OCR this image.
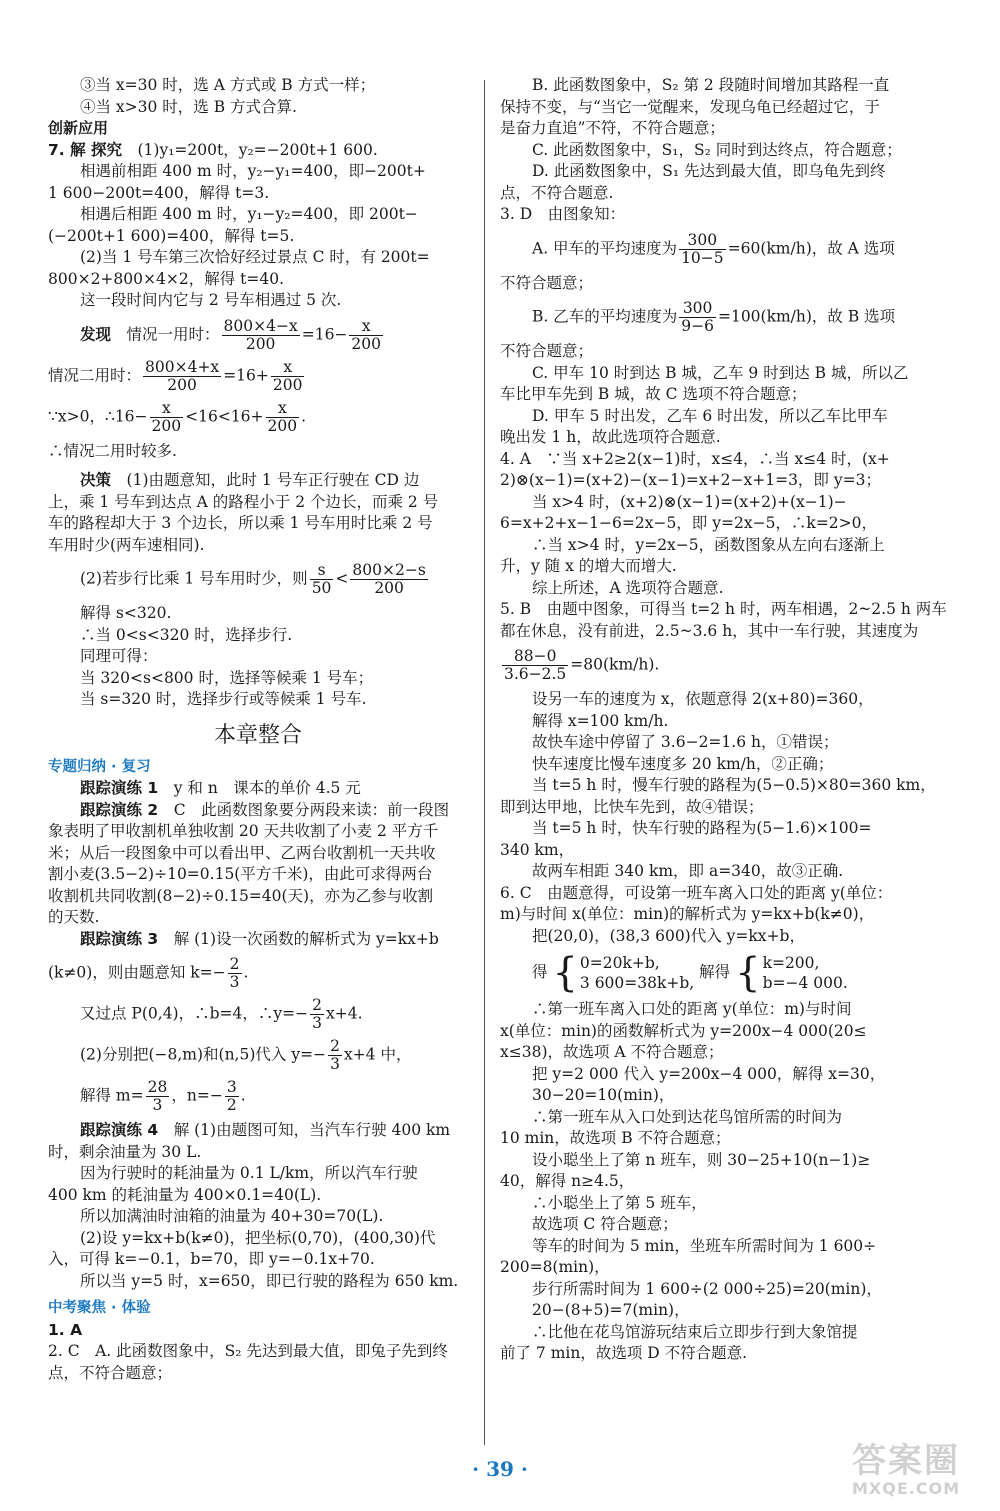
③当 x=30 时，选 A 方式或 B 方式一样；
④当 x>30 时，选 B 方式合算.
创新应用
7. 解 探究　 (1)y₁=200t，y₂=−200t+1 600.
相遇前相距 400 m 时，y₂−y₁=400，即−200t+
1 600−200t=400，解得 t=3.
相遇后相距 400 m 时，y₁−y₂=400，即 200t−
(−200t+1 600)=400，解得 t=5.
(2)当 1 号车第三次恰好经过景点 C 时，有 200t=
800×2+800×4×2，解得 t=40.
这一段时间内它与 2 号车相遇过 5 次.
发现　 情况一用时： $\frac{800\times 4-x}{200} =16- \frac{x}{200}$
情况二用时： $\frac{800\times 4+x}{200} =16+ \frac{x}{200}$
∵x>0，∴16− $\frac{x}{200} <16<16+ \frac{x}{200}$ .
∴情况二用时较多.
决策　 (1)由题意知，此时 1 号车正行驶在 CD 边
上，乘 1 号车到达点 A 的路程小于 2 个边长，而乘 2 号
车的路程却大于 3 个边长，所以乘 1 号车用时比乘 2 号
车用时少(两车速相同).
(2)若步行比乘 1 号车用时少，则 $\frac{s}{50} < \frac{800\times 2-s}{200}$
解得 s<320.
∴当 0<s<320 时，选择步行.
同理可得：
当 320<s<800 时，选择等候乘 1 号车；
当 s=320 时，选择步行或等候乘 1 号车.
本章整合
专题归纳 · 复习
跟踪演练 1　 y 和 n　课本的单价 4.5 元
跟踪演练 2　 C　此函数图象要分两段来读：前一段图
象表明了甲收割机单独收割 20 天共收割了小麦 2 平方千
米；从后一段图象中可以看出甲、乙两台收割机一天共收
割小麦(3.5−2)÷10=0.15(平方千米)，由此可求得两台
收割机共同收割(8−2)÷0.15=40(天)，亦为乙参与收割
的天数.
跟踪演练 3　 解 (1)设一次函数的解析式为 y=kx+b
(k≠0)，则由题意知 $k=- \frac{2}{3}$ .
又过点 P(0,4)，∴b=4，∴y=− $\frac{2}{3} x+4$.
(2)分别把(−8,m)和(n,5)代入 $y=- \frac{2}{3} x+4$ 中，
解得 $m= \frac{28}{3}$ ，$n=- \frac{3}{2}$ .
跟踪演练 4　 解 (1)由题图可知，当汽车行驶 400 km
时，剩余油量为 30 L.
因为行驶时的耗油量为 0.1 L/km，所以汽车行驶
400 km 的耗油量为 400×0.1=40(L).
所以加满油时油箱的油量为 40+30=70(L).
(2)设 y=kx+b(k≠0)，把坐标(0,70)，(400,30)代
入，可得 k=−0.1，b=70，即 y=−0.1x+70.
所以当 y=5 时，x=650，即已行驶的路程为 650 km.
中考聚焦 · 体验
1. A
2. C　A. 此函数图象中，S₂ 先达到最大值，即兔子先到终
点，不符合题意；
B. 此函数图象中，S₂ 第 2 段随时间增加其路程一直
保持不变，与“当它一觉醒来，发现乌龟已经超过它，于
是奋力直追”不符，不符合题意；
C. 此函数图象中，S₁，S₂ 同时到达终点，符合题意；
D. 此函数图象中，S₁ 先达到最大值，即乌龟先到终
点，不符合题意.
3. D　由图象知：
A. 甲车的平均速度为 $\frac{300}{10-5} =60(km/h)$，故 A 选项
不符合题意；
B. 乙车的平均速度为 $\frac{300}{9-6} =100(km/h)$，故 B 选项
不符合题意；
C. 甲车 10 时到达 B 城，乙车 9 时到达 B 城，所以乙
车比甲车先到 B 城，故 C 选项不符合题意；
D. 甲车 5 时出发，乙车 6 时出发，所以乙车比甲车
晚出发 1 h，故此选项符合题意.
4. A　∵当 x+2≥2(x−1)时，x≤4，∴当 x≤4 时，(x+
2)⊗(x−1)=(x+2)−(x−1)=x+2−x+1=3，即 y=3；
当 x>4 时，(x+2)⊗(x−1)=(x+2)+(x−1)−
6=x+2+x−1−6=2x−5，即 y=2x−5，∴k=2>0，
∴当 x>4 时，y=2x−5，函数图象从左向右逐渐上
升，y 随 x 的增大而增大.
综上所述，A 选项符合题意.
5. B　由题中图象，可得当 t=2 h 时，两车相遇，2~2.5 h 两车
都在休息，没有前进，2.5~3.6 h，其中一车行驶，其速度为
$\frac{88-0}{3.6-2.5} =80(km/h)$.
设另一车的速度为 x，依题意得 2(x+80)=360，
解得 x=100 km/h.
故快车途中停留了 3.6−2=1.6 h，①错误；
快车速度比慢车速度多 20 km/h，②正确；
当 t=5 h 时，慢车行驶的路程为(5−0.5)×80=360 km，
即到达甲地，比快车先到，故④错误；
当 t=5 h 时，快车行驶的路程为(5−1.6)×100=
340 km，
故两车相距 340 km，即 a=340，故③正确.
6. C　由题意得，可设第一班车离入口处的距离 y(单位：
m)与时间 x(单位：min)的解析式为 y=kx+b(k≠0)，
把(20,0)，(38,3 600)代入 y=kx+b，
得 { 0=20k+b,
3 600=38k+b,
解得 { k=200,
b=−4 000.
∴第一班车离入口处的距离 y(单位：m)与时间
x(单位：min)的函数解析式为 y=200x−4 000(20≤
x≤38)，故选项 A 不符合题意；
把 y=2 000 代入 y=200x−4 000，解得 x=30，
30−20=10(min)，
∴第一班车从入口处到达花鸟馆所需的时间为
10 min，故选项 B 不符合题意；
设小聪坐上了第 n 班车，则 30−25+10(n−1)≥
40，解得 n≥4.5，
∴小聪坐上了第 5 班车，
故选项 C 符合题意；
等车的时间为 5 min，坐班车所需时间为 1 600÷
200=8(min)，
步行所需时间为 1 600÷(2 000÷25)=20(min)，
20−(8+5)=7(min)，
∴比他在花鸟馆游玩结束后立即步行到大象馆提
前了 7 min，故选项 D 不符合题意.
· 39 ·	答案圈
MXQE.COM
